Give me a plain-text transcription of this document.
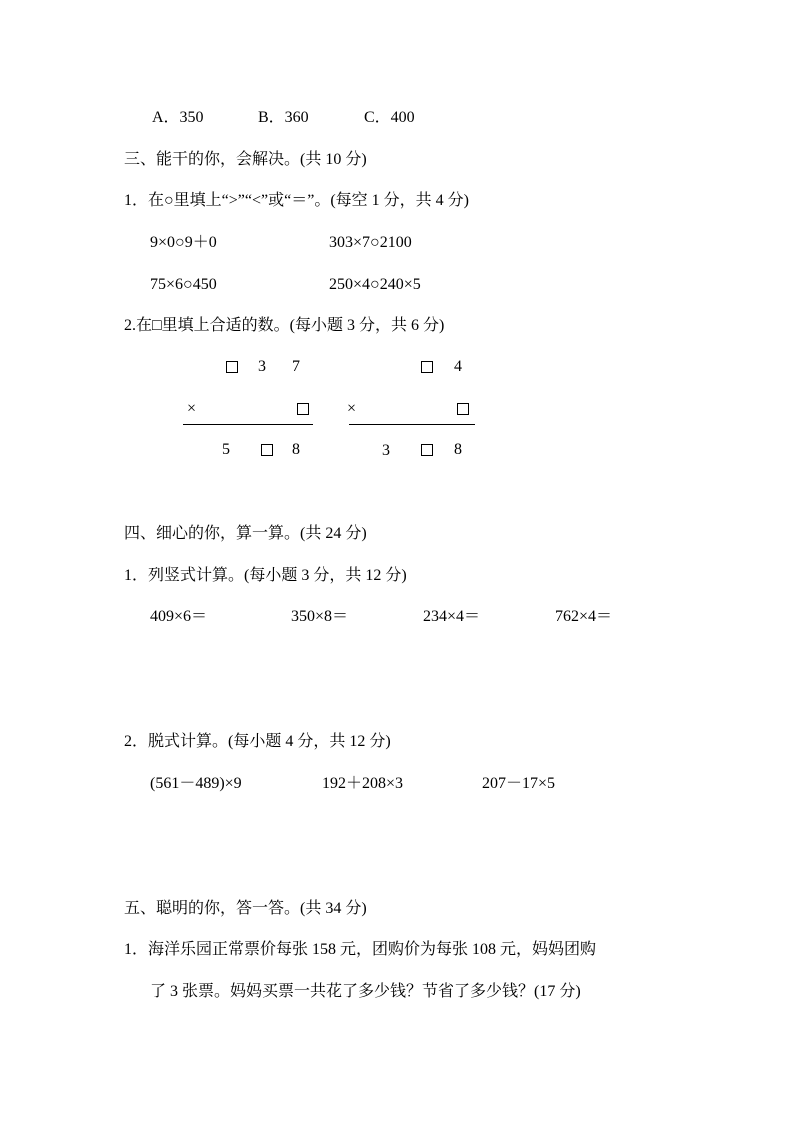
A．350	B．360	C．400
三、能干的你，会解决。(共 10 分)
1．在○里填上“>”“<”或“＝”。(每空 1 分，共 4 分)
9×0○9＋0	303×7○2100
75×6○450	250×4○240×5
2.在□里填上合适的数。(每小题 3 分，共 6 分)
3 7
×
5	8
4
×
3	8
四、细心的你，算一算。(共 24 分)
1．列竖式计算。(每小题 3 分，共 12 分)
409×6＝	350×8＝	234×4＝	762×4＝
2．脱式计算。(每小题 4 分，共 12 分)
(561－489)×9	192＋208×3	207－17×5
五、聪明的你，答一答。(共 34 分)
1．海洋乐园正常票价每张 158 元，团购价为每张 108 元，妈妈团购
了 3 张票。妈妈买票一共花了多少钱？节省了多少钱？(17 分)
